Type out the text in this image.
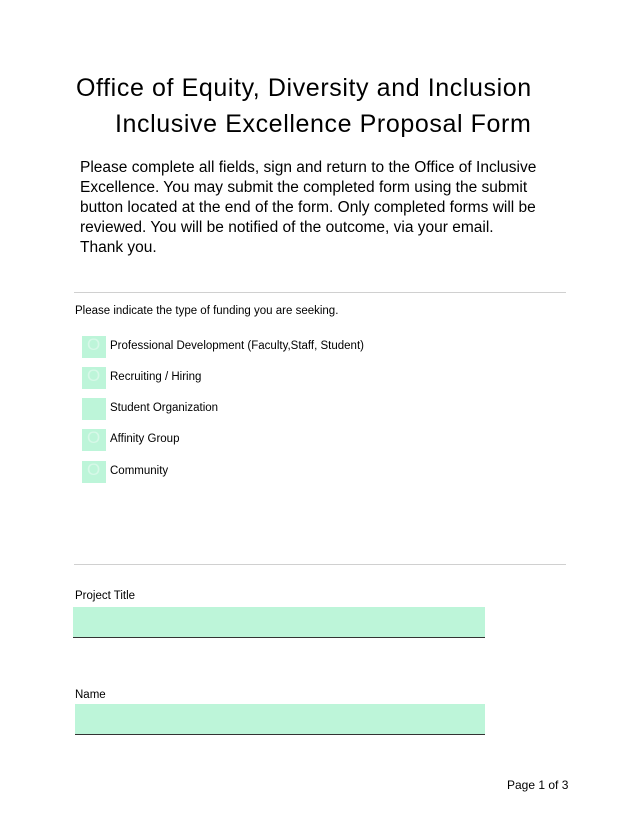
Office of Equity, Diversity and Inclusion
Inclusive Excellence Proposal Form

Please complete all fields, sign and return to the Office of Inclusive Excellence. You may submit the completed form using the submit button located at the end of the form. Only completed forms will be reviewed. You will be notified of the outcome, via your email.

Thank you.

Please indicate the type of funding you are seeking.
O Professional Development (Faculty,Staff, Student)
O Recruiting / Hiring
Student Organization
O Affinity Group
O Community
Project Title
Name
Page 1 of 3
